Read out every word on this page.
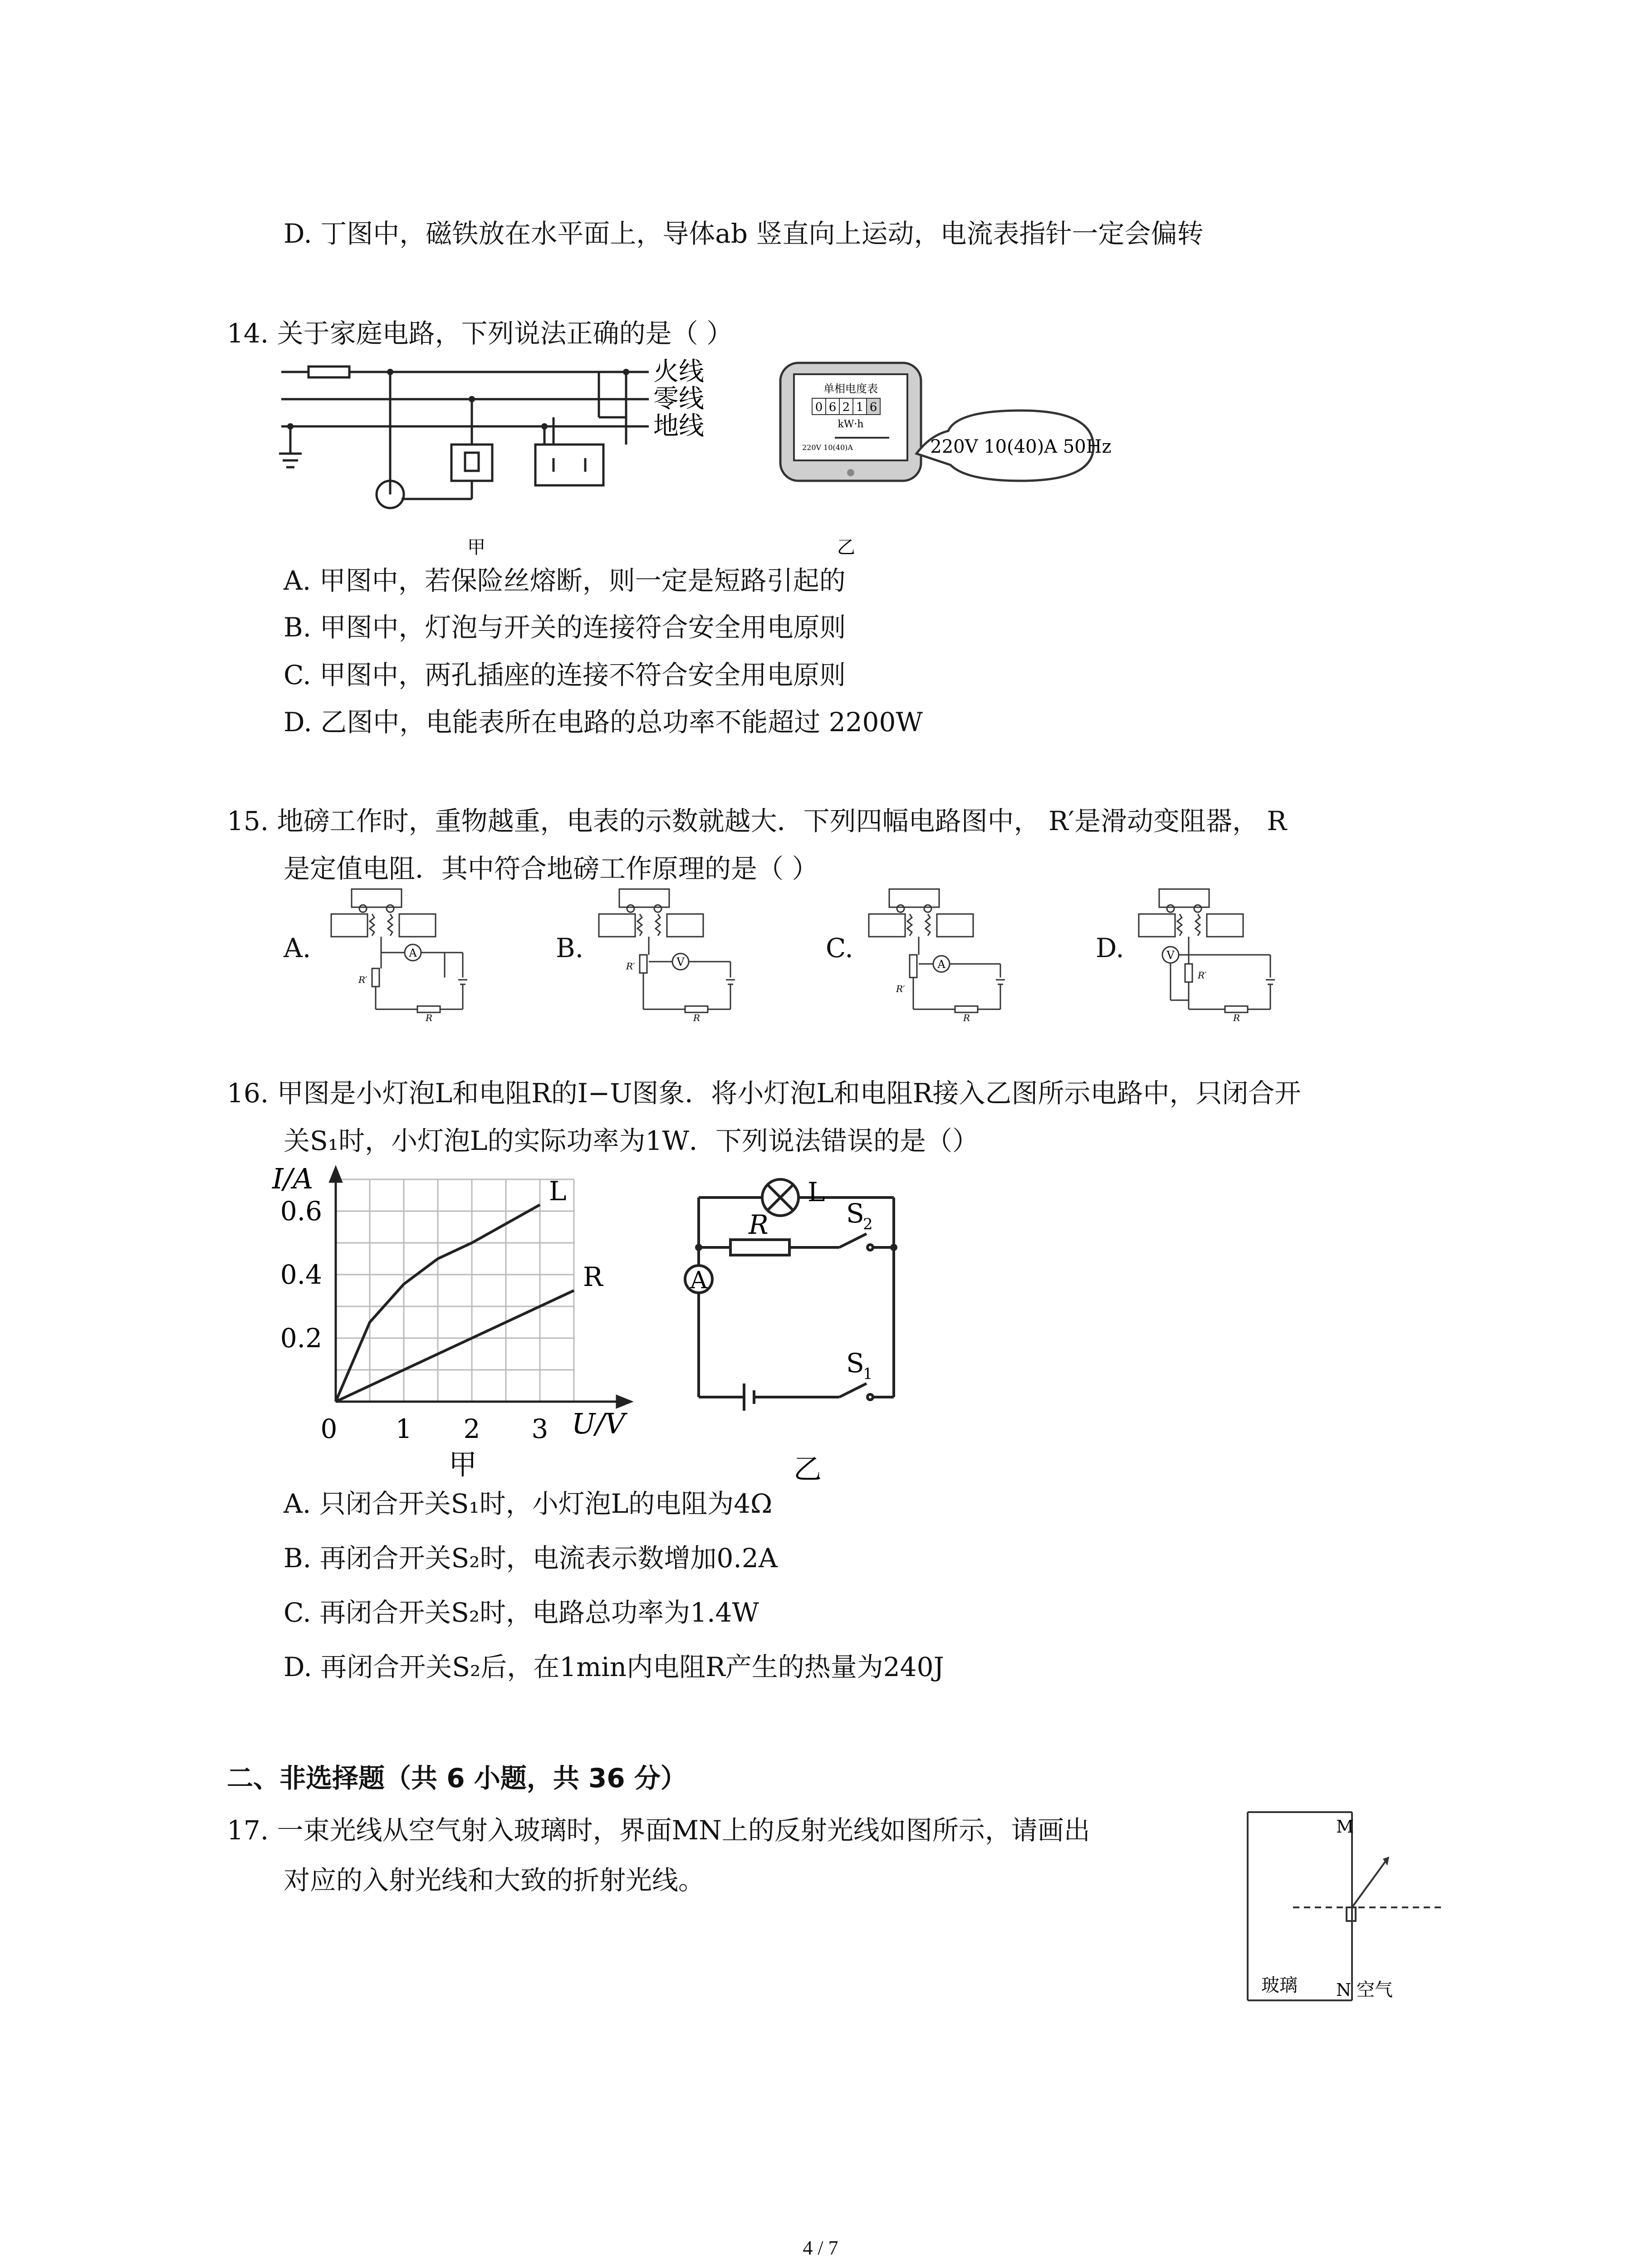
D. 丁图中，磁铁放在水平面上，导体ab 竖直向上运动，电流表指针一定会偏转
14. 关于家庭电路，下列说法正确的是（ ）
火线
零线
地线
甲
单相电度表
0 6 2 1 6
kW·h
220V 10(40)A	220V 10(40)A 50Hz
乙
A. 甲图中，若保险丝熔断，则一定是短路引起的
B. 甲图中，灯泡与开关的连接符合安全用电原则
C. 甲图中，两孔插座的连接不符合安全用电原则
D. 乙图中，电能表所在电路的总功率不能超过 2200W
15. 地磅工作时，重物越重，电表的示数就越大．下列四幅电路图中， R′是滑动变阻器， R
是定值电阻．其中符合地磅工作原理的是（ ）
A.	B.	C.	D.
A
R′
R
V
R′
R
A
R′
R
V
R′
R
16. 甲图是小灯泡L和电阻R的I−U图象．将小灯泡L和电阻R接入乙图所示电路中，只闭合开
关S₁时，小灯泡L的实际功率为1W．下列说法错误的是（）
L
R
0.2
0.4
0.6
0 1 2 3
I/A
U/V
甲
L
R	S
2
S
1
A
乙
A. 只闭合开关S₁时，小灯泡L的电阻为4Ω
B. 再闭合开关S₂时，电流表示数增加0.2A
C. 再闭合开关S₂时，电路总功率为1.4W
D. 再闭合开关S₂后，在1min内电阻R产生的热量为240J
二、非选择题（共 6 小题，共 36 分）
17. 一束光线从空气射入玻璃时，界面MN上的反射光线如图所示，请画出
对应的入射光线和大致的折射光线。
M
N
玻璃	空气
4 / 7
